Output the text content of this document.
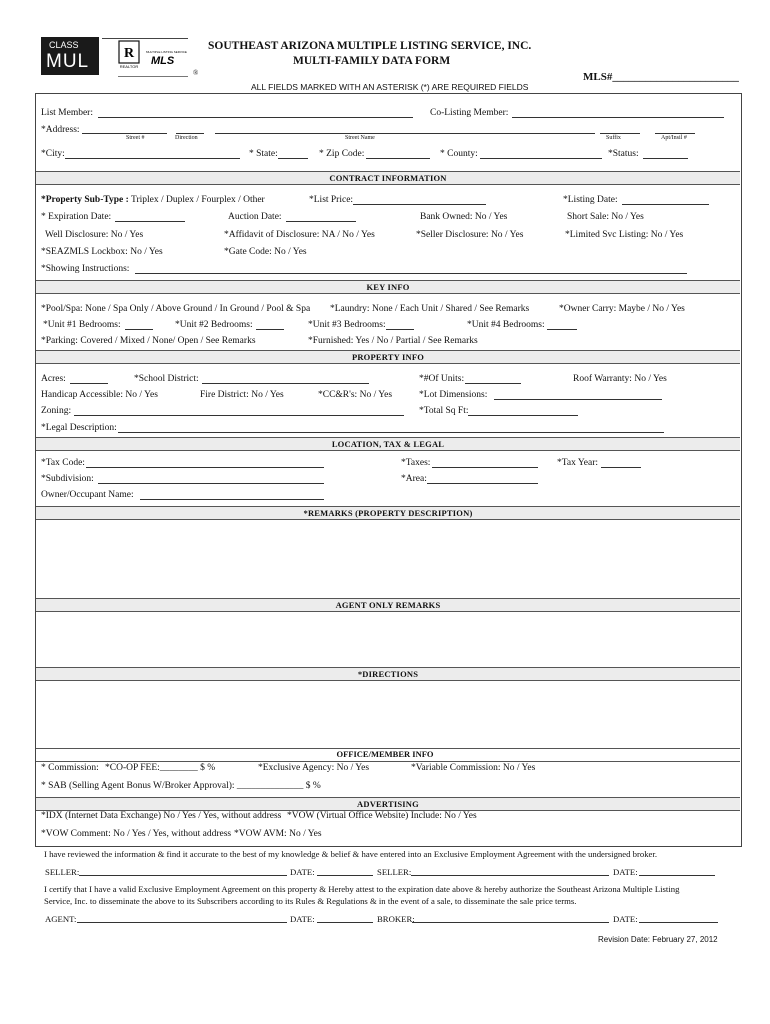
CLASS
MUL R
REALTOR
MULTIPLE LISTING SERVICE
MLS
®
SOUTHEAST ARIZONA MULTIPLE LISTING SERVICE, INC.
MULTI-FAMILY DATA FORM
MLS#_______________________
ALL FIELDS MARKED WITH AN ASTERISK (*) ARE REQUIRED FIELDS
List Member:	Co-Listing Member:
*Address:
Street #	Direction	Street Name	Suffix	Apt/Insil #
*City:	* State:	* Zip Code:	* County:	*Status:
CONTRACT INFORMATION
*Property Sub-Type : Triplex / Duplex / Fourplex / Other	*List Price:	*Listing Date:
* Expiration Date:	Auction Date:	Bank Owned: No / Yes	Short Sale: No / Yes
Well Disclosure: No / Yes	*Affidavit of Disclosure: NA / No / Yes	*Seller Disclosure: No / Yes	*Limited Svc Listing: No / Yes
*SEAZMLS Lockbox: No / Yes	*Gate Code: No / Yes
*Showing Instructions:
KEY INFO
*Pool/Spa: None / Spa Only / Above Ground / In Ground / Pool & Spa *Laundry: None / Each Unit / Shared / See Remarks	*Owner Carry: Maybe / No / Yes
*Unit #1 Bedrooms:	*Unit #2 Bedrooms:	*Unit #3 Bedrooms:	*Unit #4 Bedrooms:
*Parking: Covered / Mixed / None/ Open / See Remarks	*Furnished: Yes / No / Partial / See Remarks
PROPERTY INFO
Acres:	*School District:	*#Of Units:	Roof Warranty: No / Yes
Handicap Accessible: No / Yes	Fire District: No / Yes	*CC&R's: No / Yes	*Lot Dimensions:
Zoning:	*Total Sq Ft:
*Legal Description:
LOCATION, TAX & LEGAL
*Tax Code:	*Taxes:	*Tax Year:
*Subdivision:	*Area:
Owner/Occupant Name:
*REMARKS (PROPERTY DESCRIPTION)
AGENT ONLY REMARKS
*DIRECTIONS
OFFICE/MEMBER INFO
* Commission: *CO-OP FEE:________ $ %	*Exclusive Agency: No / Yes	*Variable Commission: No / Yes
* SAB (Selling Agent Bonus W/Broker Approval): ______________ $ %
ADVERTISING
*IDX (Internet Data Exchange) No / Yes / Yes, without address *VOW (Virtual Office Website) Include: No / Yes
*VOW Comment: No / Yes / Yes, without address *VOW AVM: No / Yes
I have reviewed the information & find it accurate to the best of my knowledge & belief & have entered into an Exclusive Employment Agreement with the undersigned broker.
SELLER:	DATE:	SELLER:	DATE:
I certify that I have a valid Exclusive Employment Agreement on this property & Hereby attest to the expiration date above & hereby authorize the Southeast Arizona Multiple Listing
Service, Inc. to disseminate the above to its Subscribers according to its Rules & Regulations & in the event of a sale, to disseminate the sale price terms.
AGENT:	DATE:	BROKER:	DATE:
Revision Date: February 27, 2012
